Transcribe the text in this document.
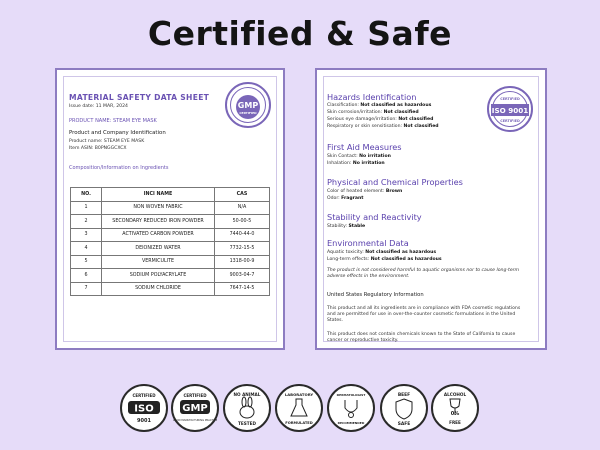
Certified & Safe
MATERIAL SAFETY DATA SHEET
Issue date: 11 MAR, 2024
PRODUCT NAME: STEAM EYE MASK
Product and Company Identification
Product name: STEAM EYE MASK
Item ASIN: B0PNGGCXCX
Composition/Information on Ingredients
GMP
CERTIFIED
NO.	INCI NAME	CAS
1	NON WOVEN FABRIC	N/A
2	SECONDARY REDUCED IRON POWDER	50-00-5
3	ACTIVATED CARBON POWDER	7440-44-0
4	DEIONIZED WATER	7732-15-5
5	VERMICULITE	1318-00-9
6	SODIUM POLYACRYLATE	9003-04-7
7	SODIUM CHLORIDE	7647-14-5
CERTIFIED
ISO 9001
CERTIFIED
Hazards Identification
Classification: Not classified as hazardous
Skin corrosion/irritation: Not classified
Serious eye damage/irritation: Not classified
Respiratory or skin sensitisation: Not classified
First Aid Measures
Skin Contact: No irritation
Inhalation: No irritation
Physical and Chemical Properties
Color of heated element: Brown
Odor: Fragrant
Stability and Reactivity
Stability: Stable
Environmental Data
Aquatic toxicity: Not classified as hazardous
Long-term effects: Not classified as hazardous
The product is not considered harmful to aquatic organisms nor to cause long-term adverse effects in the environment.
United States Regulatory Information
This product and all its ingredients are in compliance with FDA cosmetic regulations and are permitted for use in over-the-counter cosmetic formulations in the United States.
This product does not contain chemicals known to the State of California to cause cancer or reproductive toxicity.
CERTIFIED
ISO
9001
CERTIFIED
GMP
GOOD MANUFACTURING PRACTICE
NO ANIMAL
TESTED
LABORATORY
FORMULATED
DERMATOLOGIST
RECOMMENDED
BEEF
SAFE
ALCOHOL
0%
FREE
